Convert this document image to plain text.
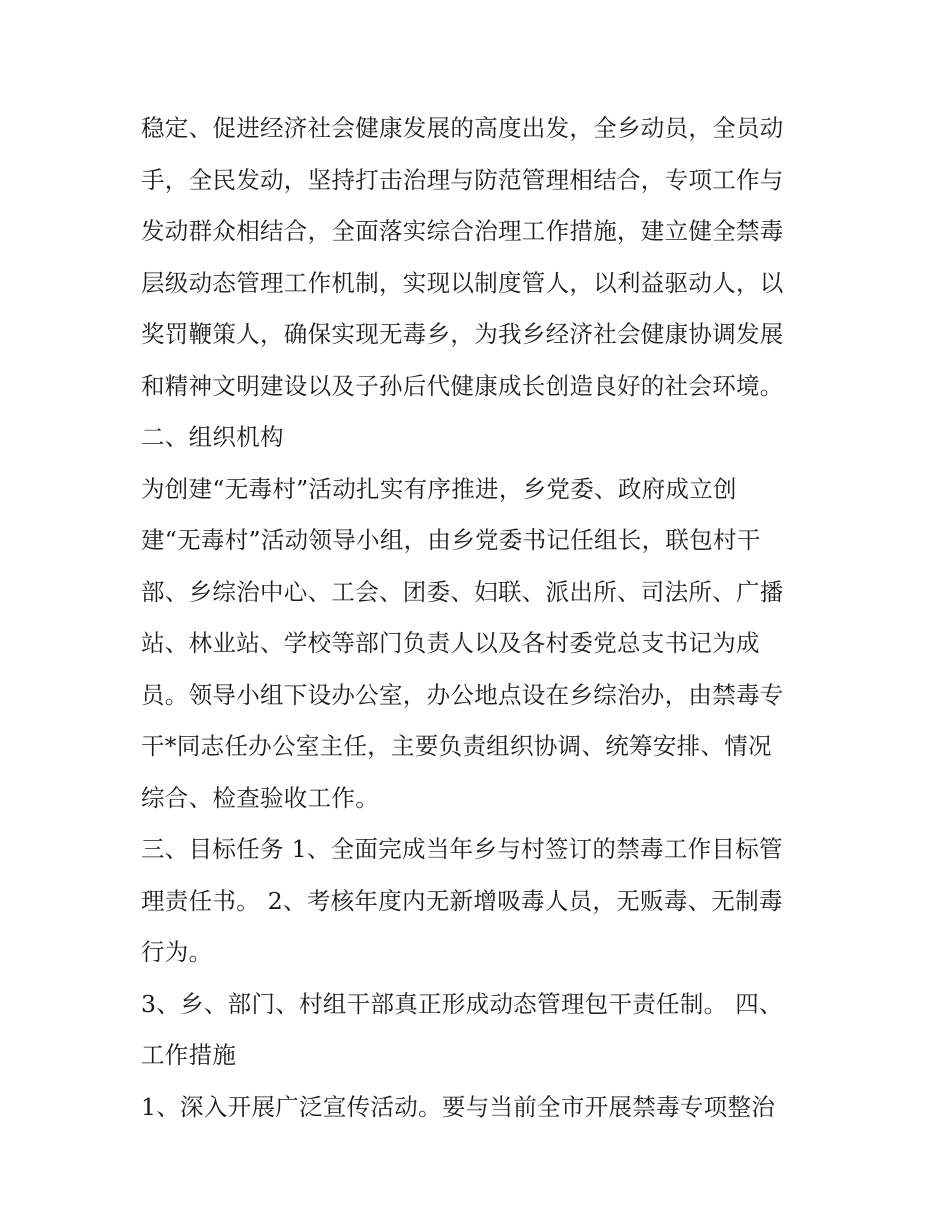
稳定、促进经济社会健康发展的高度出发，全乡动员，全员动
手，全民发动，坚持打击治理与防范管理相结合，专项工作与
发动群众相结合，全面落实综合治理工作措施，建立健全禁毒
层级动态管理工作机制，实现以制度管人，以利益驱动人，以
奖罚鞭策人，确保实现无毒乡，为我乡经济社会健康协调发展
和精神文明建设以及子孙后代健康成长创造良好的社会环境。
二、组织机构
为创建“无毒村”活动扎实有序推进，乡党委、政府成立创
建“无毒村”活动领导小组，由乡党委书记任组长，联包村干
部、乡综治中心、工会、团委、妇联、派出所、司法所、广播
站、林业站、学校等部门负责人以及各村委党总支书记为成
员。领导小组下设办公室，办公地点设在乡综治办，由禁毒专
干*同志任办公室主任，主要负责组织协调、统筹安排、情况
综合、检查验收工作。
三、目标任务 1、全面完成当年乡与村签订的禁毒工作目标管
理责任书。 2、考核年度内无新增吸毒人员，无贩毒、无制毒
行为。
3、乡、部门、村组干部真正形成动态管理包干责任制。 四、
工作措施
1、深入开展广泛宣传活动。要与当前全市开展禁毒专项整治
